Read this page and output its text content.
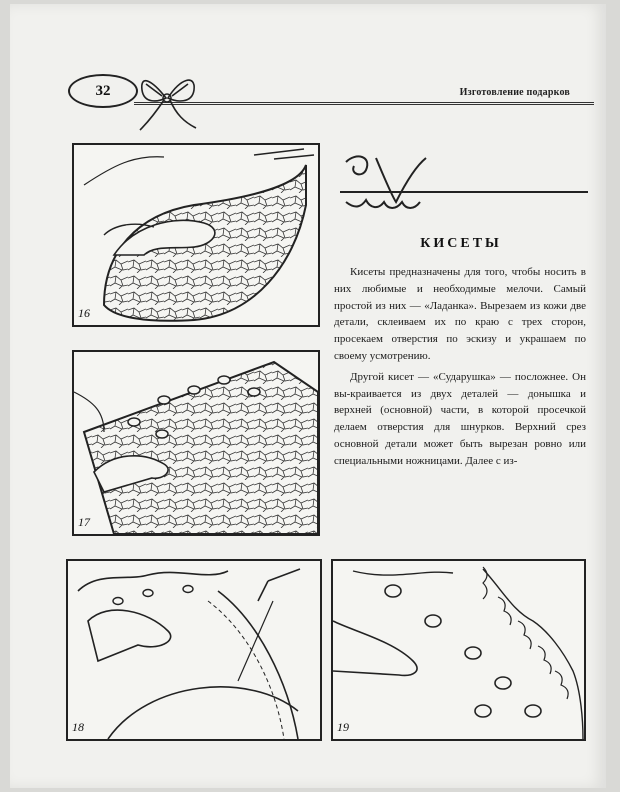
32	Изготовление подарков
16
17
18	19
КИСЕТЫ

Кисеты предназначены для того, чтобы носить в них любимые и необходимые мелочи. Самый простой из них — «Ладанка». Вырезаем из кожи две детали, склеиваем их по краю с трех сторон, просекаем отверстия по эскизу и украшаем по своему усмотрению.

Другой кисет — «Сударушка» — посложнее. Он вы-краивается из двух деталей — донышка и верхней (основной) части, в которой просечкой делаем отверстия для шнурков. Верхний срез основной детали может быть вырезан ровно или специальными ножницами. Далее с из-
